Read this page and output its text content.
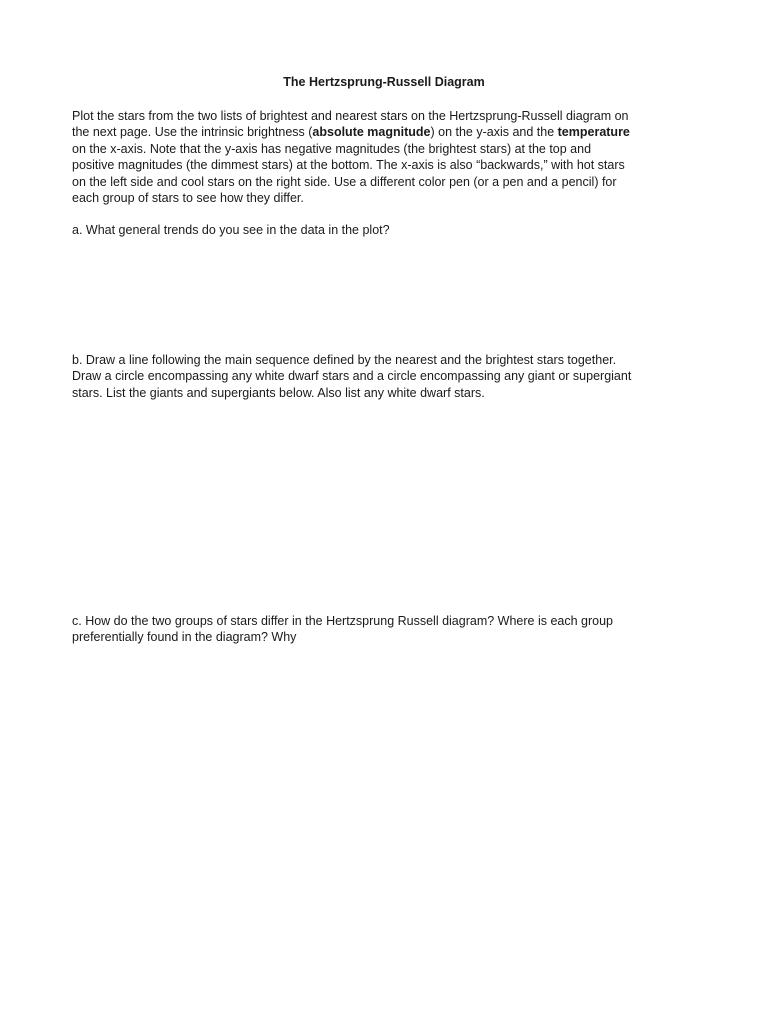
The Hertzsprung-Russell Diagram
Plot the stars from the two lists of brightest and nearest stars on the Hertzsprung-Russell diagram on
the next page. Use the intrinsic brightness (absolute magnitude) on the y-axis and the temperature
on the x-axis. Note that the y-axis has negative magnitudes (the brightest stars) at the top and
positive magnitudes (the dimmest stars) at the bottom. The x-axis is also “backwards,” with hot stars
on the left side and cool stars on the right side. Use a different color pen (or a pen and a pencil) for
each group of stars to see how they differ.
a. What general trends do you see in the data in the plot?
b. Draw a line following the main sequence defined by the nearest and the brightest stars together.
Draw a circle encompassing any white dwarf stars and a circle encompassing any giant or supergiant
stars. List the giants and supergiants below. Also list any white dwarf stars.
c. How do the two groups of stars differ in the Hertzsprung Russell diagram? Where is each group
preferentially found in the diagram? Why
